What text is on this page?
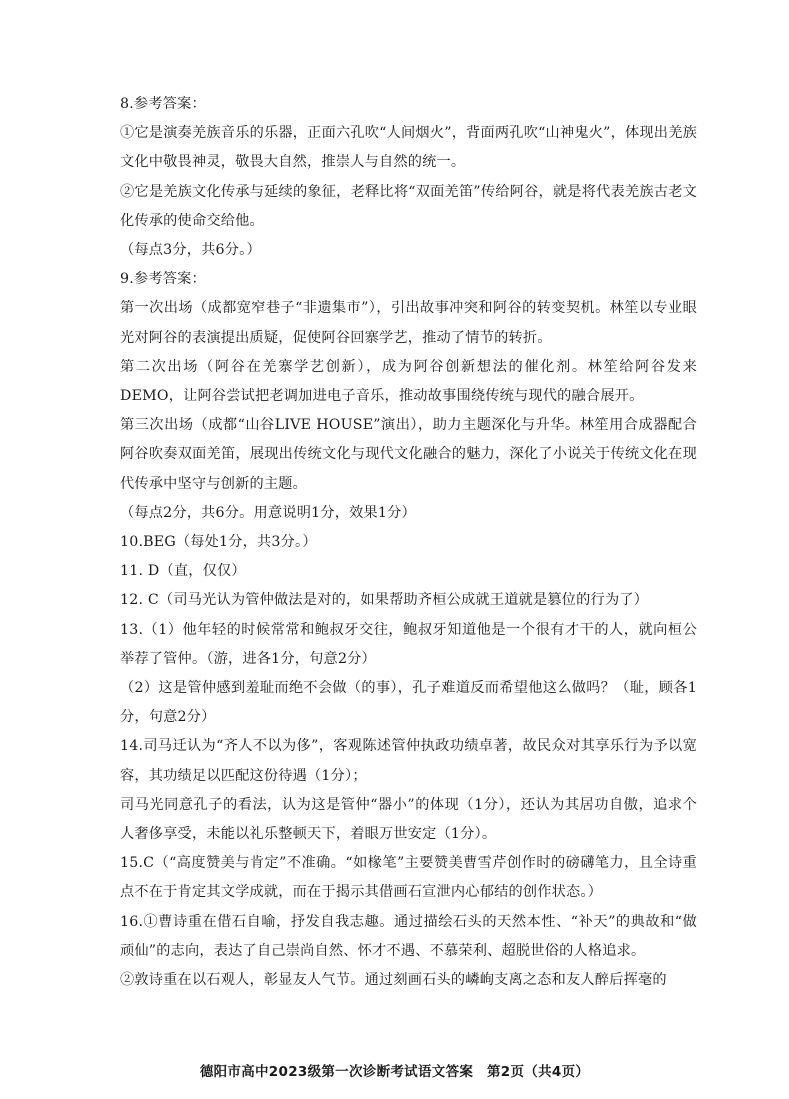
8.参考答案：

①它是演奏羌族音乐的乐器，正面六孔吹“人间烟火”，背面两孔吹“山神鬼火”，体现出羌族文化中敬畏神灵，敬畏大自然，推崇人与自然的统一。

②它是羌族文化传承与延续的象征，老释比将“双面羌笛”传给阿谷，就是将代表羌族古老文化传承的使命交给他。

（每点3分，共6分。）

9.参考答案：

第一次出场（成都宽窄巷子“非遗集市”），引出故事冲突和阿谷的转变契机。林笙以专业眼光对阿谷的表演提出质疑，促使阿谷回寨学艺，推动了情节的转折。

第二次出场（阿谷在羌寨学艺创新），成为阿谷创新想法的催化剂。林笙给阿谷发来DEMO，让阿谷尝试把老调加进电子音乐，推动故事围绕传统与现代的融合展开。

第三次出场（成都“山谷LIVE HOUSE”演出），助力主题深化与升华。林笙用合成器配合阿谷吹奏双面羌笛，展现出传统文化与现代文化融合的魅力，深化了小说关于传统文化在现代传承中坚守与创新的主题。

（每点2分，共6分。用意说明1分，效果1分）

10.BEG（每处1分，共3分。）

11. D（直，仅仅）

12. C（司马光认为管仲做法是对的，如果帮助齐桓公成就王道就是篡位的行为了）

13.（1）他年轻的时候常常和鲍叔牙交往，鲍叔牙知道他是一个很有才干的人，就向桓公举荐了管仲。（游，进各1分，句意2分）

（2）这是管仲感到羞耻而绝不会做（的事），孔子难道反而希望他这么做吗？（耻，顾各1分，句意2分）

14.司马迁认为“齐人不以为侈”，客观陈述管仲执政功绩卓著，故民众对其享乐行为予以宽容，其功绩足以匹配这份待遇（1分）；

司马光同意孔子的看法，认为这是管仲“器小”的体现（1分），还认为其居功自傲，追求个人奢侈享受，未能以礼乐整顿天下，着眼万世安定（1分）。

15.C（“高度赞美与肯定”不准确。“如椽笔”主要赞美曹雪芹创作时的磅礴笔力，且全诗重点不在于肯定其文学成就，而在于揭示其借画石宣泄内心郁结的创作状态。）

16.①曹诗重在借石自喻，抒发自我志趣。通过描绘石头的天然本性、“补天”的典故和“做顽仙”的志向，表达了自己崇尚自然、怀才不遇、不慕荣利、超脱世俗的人格追求。

②敦诗重在以石观人，彰显友人气节。通过刻画石头的嶙峋支离之态和友人醉后挥毫的

德阳市高中2023级第一次诊断考试语文答案　第2页（共4页）
